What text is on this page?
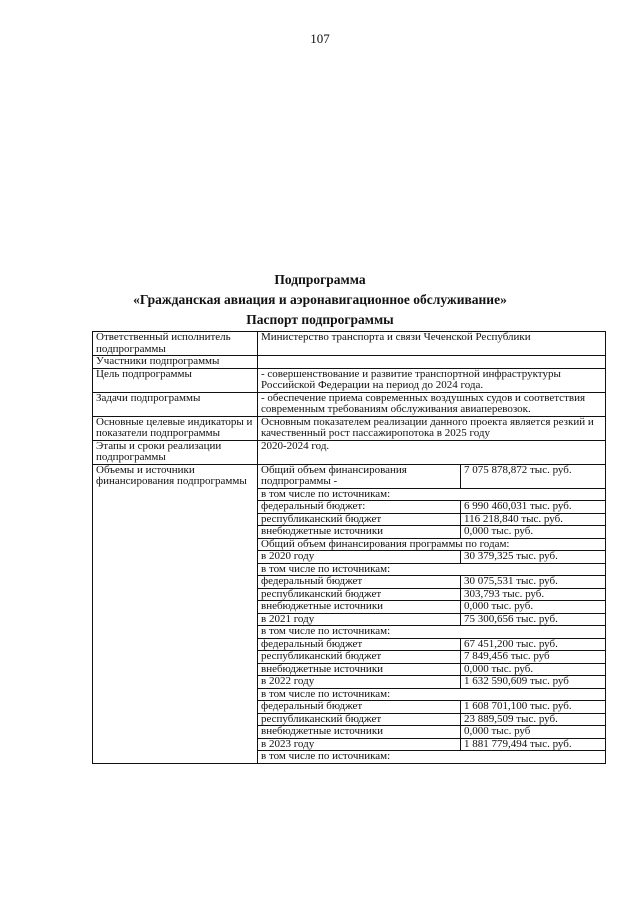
107
Подпрограмма
«Гражданская авиация и аэронавигационное обслуживание»
Паспорт подпрограммы
Ответственный исполнитель подпрограммы	Министерство транспорта и связи Чеченской Республики
Участники подпрограммы	
Цель подпрограммы	- совершенствование и развитие транспортной инфраструктуры Российской Федерации на период до 2024 года.
Задачи подпрограммы	- обеспечение приема современных воздушных судов и соответствия современным требованиям обслуживания авиаперевозок.
Основные целевые индикаторы и показатели подпрограммы	Основным показателем реализации данного проекта является резкий и качественный рост пассажиропотока в 2025 году
Этапы и сроки реализации подпрограммы	2020-2024 год.
Объемы и источники финансирования подпрограммы	
Общий объем финансирования подпрограммы -	7 075 878,872 тыс. руб.
в том числе по источникам:
федеральный бюджет:	6 990 460,031 тыс. руб.
республиканский бюджет	116 218,840 тыс. руб.
внебюджетные источники	0,000 тыс. руб.
Общий объем финансирования программы по годам:
в 2020 году	30 379,325 тыс. руб.
в том числе по источникам:
федеральный бюджет	30 075,531 тыс. руб.
республиканский бюджет	303,793 тыс. руб.
внебюджетные источники	0,000 тыс. руб.
в 2021 году	75 300,656 тыс. руб.
в том числе по источникам:
федеральный бюджет	67 451,200 тыс. руб.
республиканский бюджет	7 849,456 тыс. руб
внебюджетные источники	0,000 тыс. руб.
в 2022 году	1 632 590,609 тыс. руб
в том числе по источникам:
федеральный бюджет	1 608 701,100 тыс. руб.
республиканский бюджет	23 889,509 тыс. руб.
внебюджетные источники	0,000 тыс. руб
в 2023 году	1 881 779,494 тыс. руб.
в том числе по источникам:
